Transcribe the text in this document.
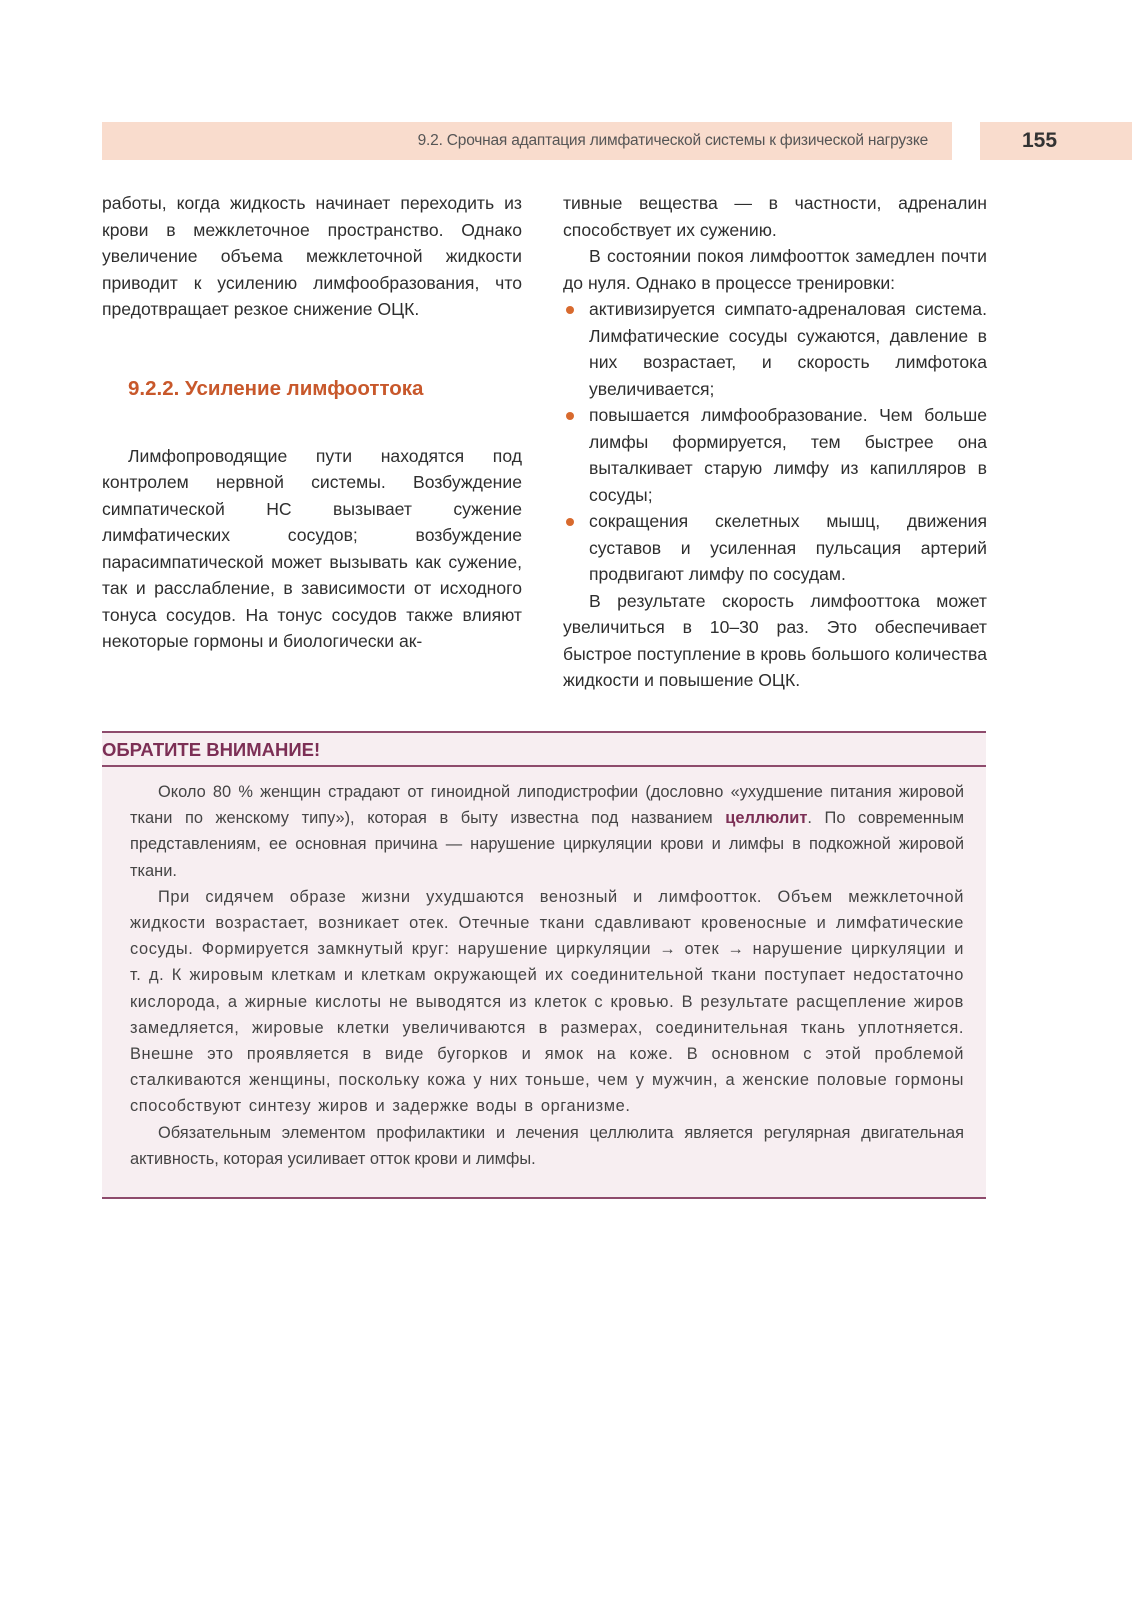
9.2. Срочная адаптация лимфатической системы к физической нагрузке	155

работы, когда жидкость начинает переходить из крови в межклеточное пространство. Однако увеличение объема межклеточной жидкости приводит к усилению лимфообразования, что предотвращает резкое снижение ОЦК.

9.2.2. Усиление лимфооттока

Лимфопроводящие пути находятся под контролем нервной системы. Возбуждение симпатической НС вызывает сужение лимфатических сосудов; возбуждение парасимпатической может вызывать как сужение, так и расслабление, в зависимости от исходного тонуса сосудов. На тонус сосудов также влияют некоторые гормоны и биологически ак-

тивные вещества — в частности, адреналин способствует их сужению.

В состоянии покоя лимфоотток замедлен почти до нуля. Однако в процессе тренировки:

активизируется симпато-адреналовая система. Лимфатические сосуды сужаются, давление в них возрастает, и скорость лимфотока увеличивается;
повышается лимфообразование. Чем больше лимфы формируется, тем быстрее она выталкивает старую лимфу из капилляров в сосуды;
сокращения скелетных мышц, движения суставов и усиленная пульсация артерий продвигают лимфу по сосудам.

В результате скорость лимфооттока может увеличиться в 10–30 раз. Это обеспечивает быстрое поступление в кровь большого количества жидкости и повышение ОЦК.

ОБРАТИТЕ ВНИМАНИЕ!

Около 80 % женщин страдают от гиноидной липодистрофии (дословно «ухудшение питания жировой ткани по женскому типу»), которая в быту известна под названием целлюлит. По современным представлениям, ее основная причина — нарушение циркуляции крови и лимфы в подкожной жировой ткани.

При сидячем образе жизни ухудшаются венозный и лимфоотток. Объем межклеточной жидкости возрастает, возникает отек. Отечные ткани сдавливают кровеносные и лимфатические сосуды. Формируется замкнутый круг: нарушение циркуляции → отек → нарушение циркуляции и т. д. К жировым клеткам и клеткам окружающей их соединительной ткани поступает недостаточно кислорода, а жирные кислоты не выводятся из клеток с кровью. В результате расщепление жиров замедляется, жировые клетки увеличиваются в размерах, соединительная ткань уплотняется. Внешне это проявляется в виде бугорков и ямок на коже. В основном с этой проблемой сталкиваются женщины, поскольку кожа у них тоньше, чем у мужчин, а женские половые гормоны способствуют синтезу жиров и задержке воды в организме.

Обязательным элементом профилактики и лечения целлюлита является регулярная двигательная активность, которая усиливает отток крови и лимфы.
